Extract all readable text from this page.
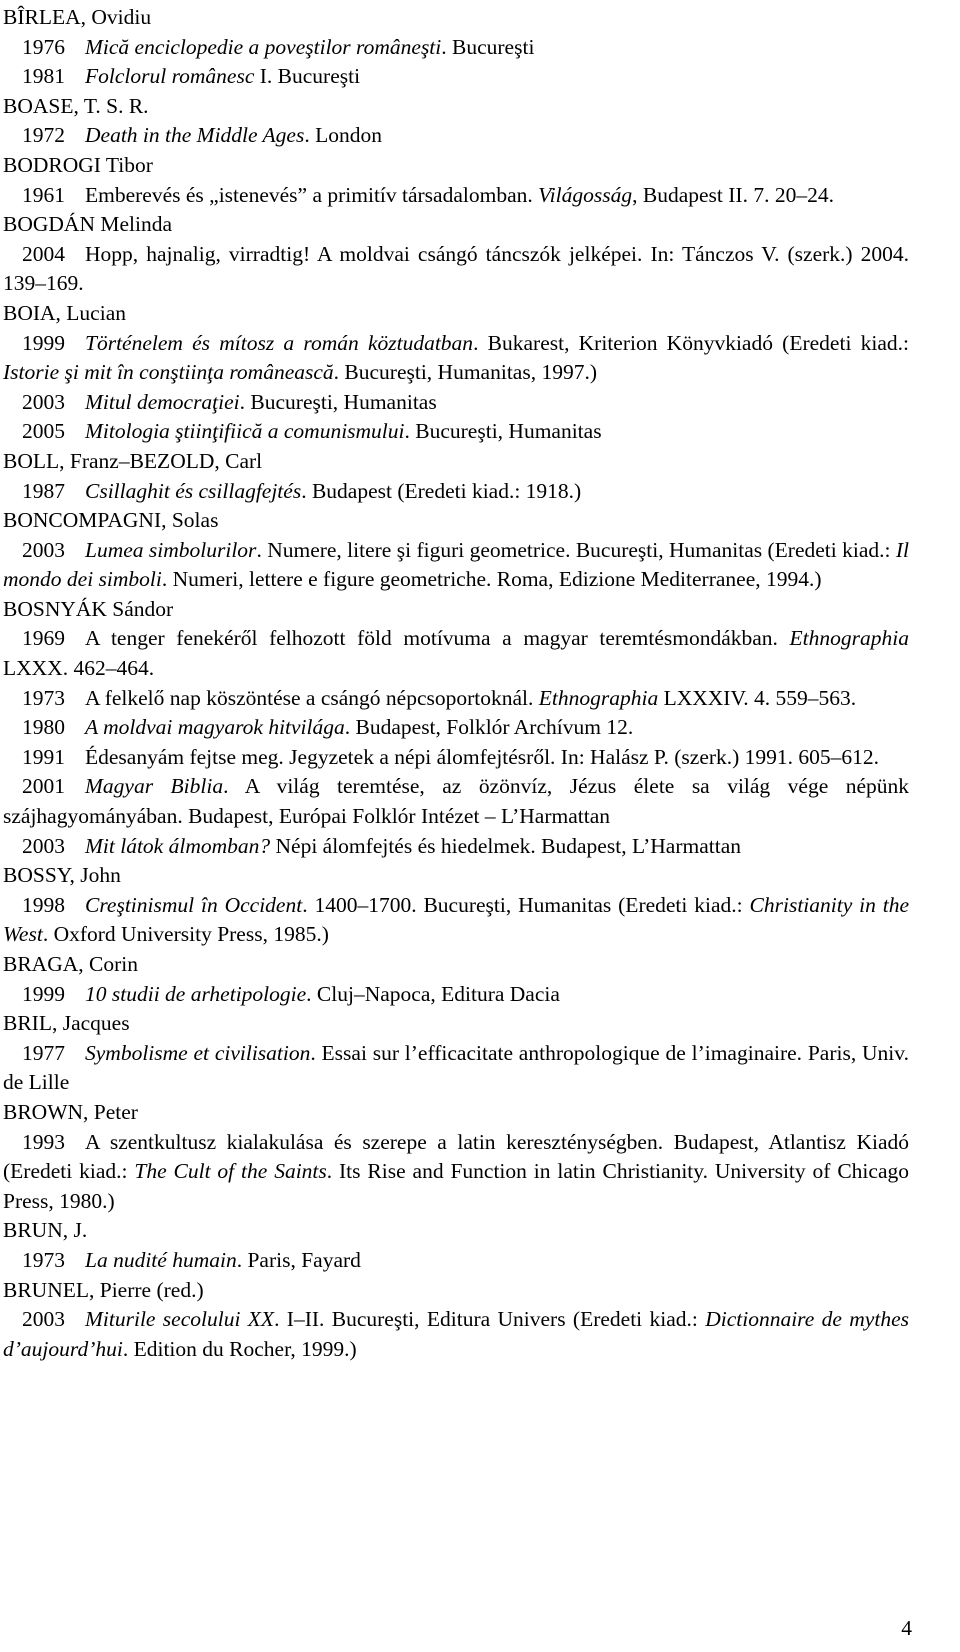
BÎRLEA, Ovidiu
1976 Mică enciclopedie a poveştilor româneşti. Bucureşti
1981 Folclorul românesc I. Bucureşti
BOASE, T. S. R.
1972 Death in the Middle Ages. London
BODROGI Tibor
1961 Emberevés és „istenevés” a primitív társadalomban. Világosság, Budapest II. 7. 20–24.
BOGDÁN Melinda
2004 Hopp, hajnalig, virradtig! A moldvai csángó táncszók jelképei. In: Tánczos V. (szerk.) 2004. 139–169.
BOIA, Lucian
1999 Történelem és mítosz a román köztudatban. Bukarest, Kriterion Könyvkiadó (Eredeti kiad.: Istorie şi mit în conştiinţa românească. Bucureşti, Humanitas, 1997.)
2003 Mitul democraţiei. Bucureşti, Humanitas
2005 Mitologia ştiinţifiică a comunismului. Bucureşti, Humanitas
BOLL, Franz–BEZOLD, Carl
1987 Csillaghit és csillagfejtés. Budapest (Eredeti kiad.: 1918.)
BONCOMPAGNI, Solas
2003 Lumea simbolurilor. Numere, litere şi figuri geometrice. Bucureşti, Humanitas (Eredeti kiad.: Il mondo dei simboli. Numeri, lettere e figure geometriche. Roma, Edizione Mediterranee, 1994.)
BOSNYÁK Sándor
1969 A tenger fenekéről felhozott föld motívuma a magyar teremtésmondákban. Ethnographia LXXX. 462–464.
1973 A felkelő nap köszöntése a csángó népcsoportoknál. Ethnographia LXXXIV. 4. 559–563.
1980 A moldvai magyarok hitvilága. Budapest, Folklór Archívum 12.
1991 Édesanyám fejtse meg. Jegyzetek a népi álomfejtésről. In: Halász P. (szerk.) 1991. 605–612.
2001 Magyar Biblia. A világ teremtése, az özönvíz, Jézus élete sa világ vége népünk szájhagyományában. Budapest, Európai Folklór Intézet – L’Harmattan
2003 Mit látok álmomban? Népi álomfejtés és hiedelmek. Budapest, L’Harmattan
BOSSY, John
1998 Creştinismul în Occident. 1400–1700. Bucureşti, Humanitas (Eredeti kiad.: Christianity in the West. Oxford University Press, 1985.)
BRAGA, Corin
1999 10 studii de arhetipologie. Cluj–Napoca, Editura Dacia
BRIL, Jacques
1977 Symbolisme et civilisation. Essai sur l’efficacitate anthropologique de l’imaginaire. Paris, Univ. de Lille
BROWN, Peter
1993 A szentkultusz kialakulása és szerepe a latin kereszténységben. Budapest, Atlantisz Kiadó (Eredeti kiad.: The Cult of the Saints. Its Rise and Function in latin Christianity. University of Chicago Press, 1980.)
BRUN, J.
1973 La nudité humain. Paris, Fayard
BRUNEL, Pierre (red.)
2003 Miturile secolului XX. I–II. Bucureşti, Editura Univers (Eredeti kiad.: Dictionnaire de mythes d’aujourd’hui. Edition du Rocher, 1999.)
4
